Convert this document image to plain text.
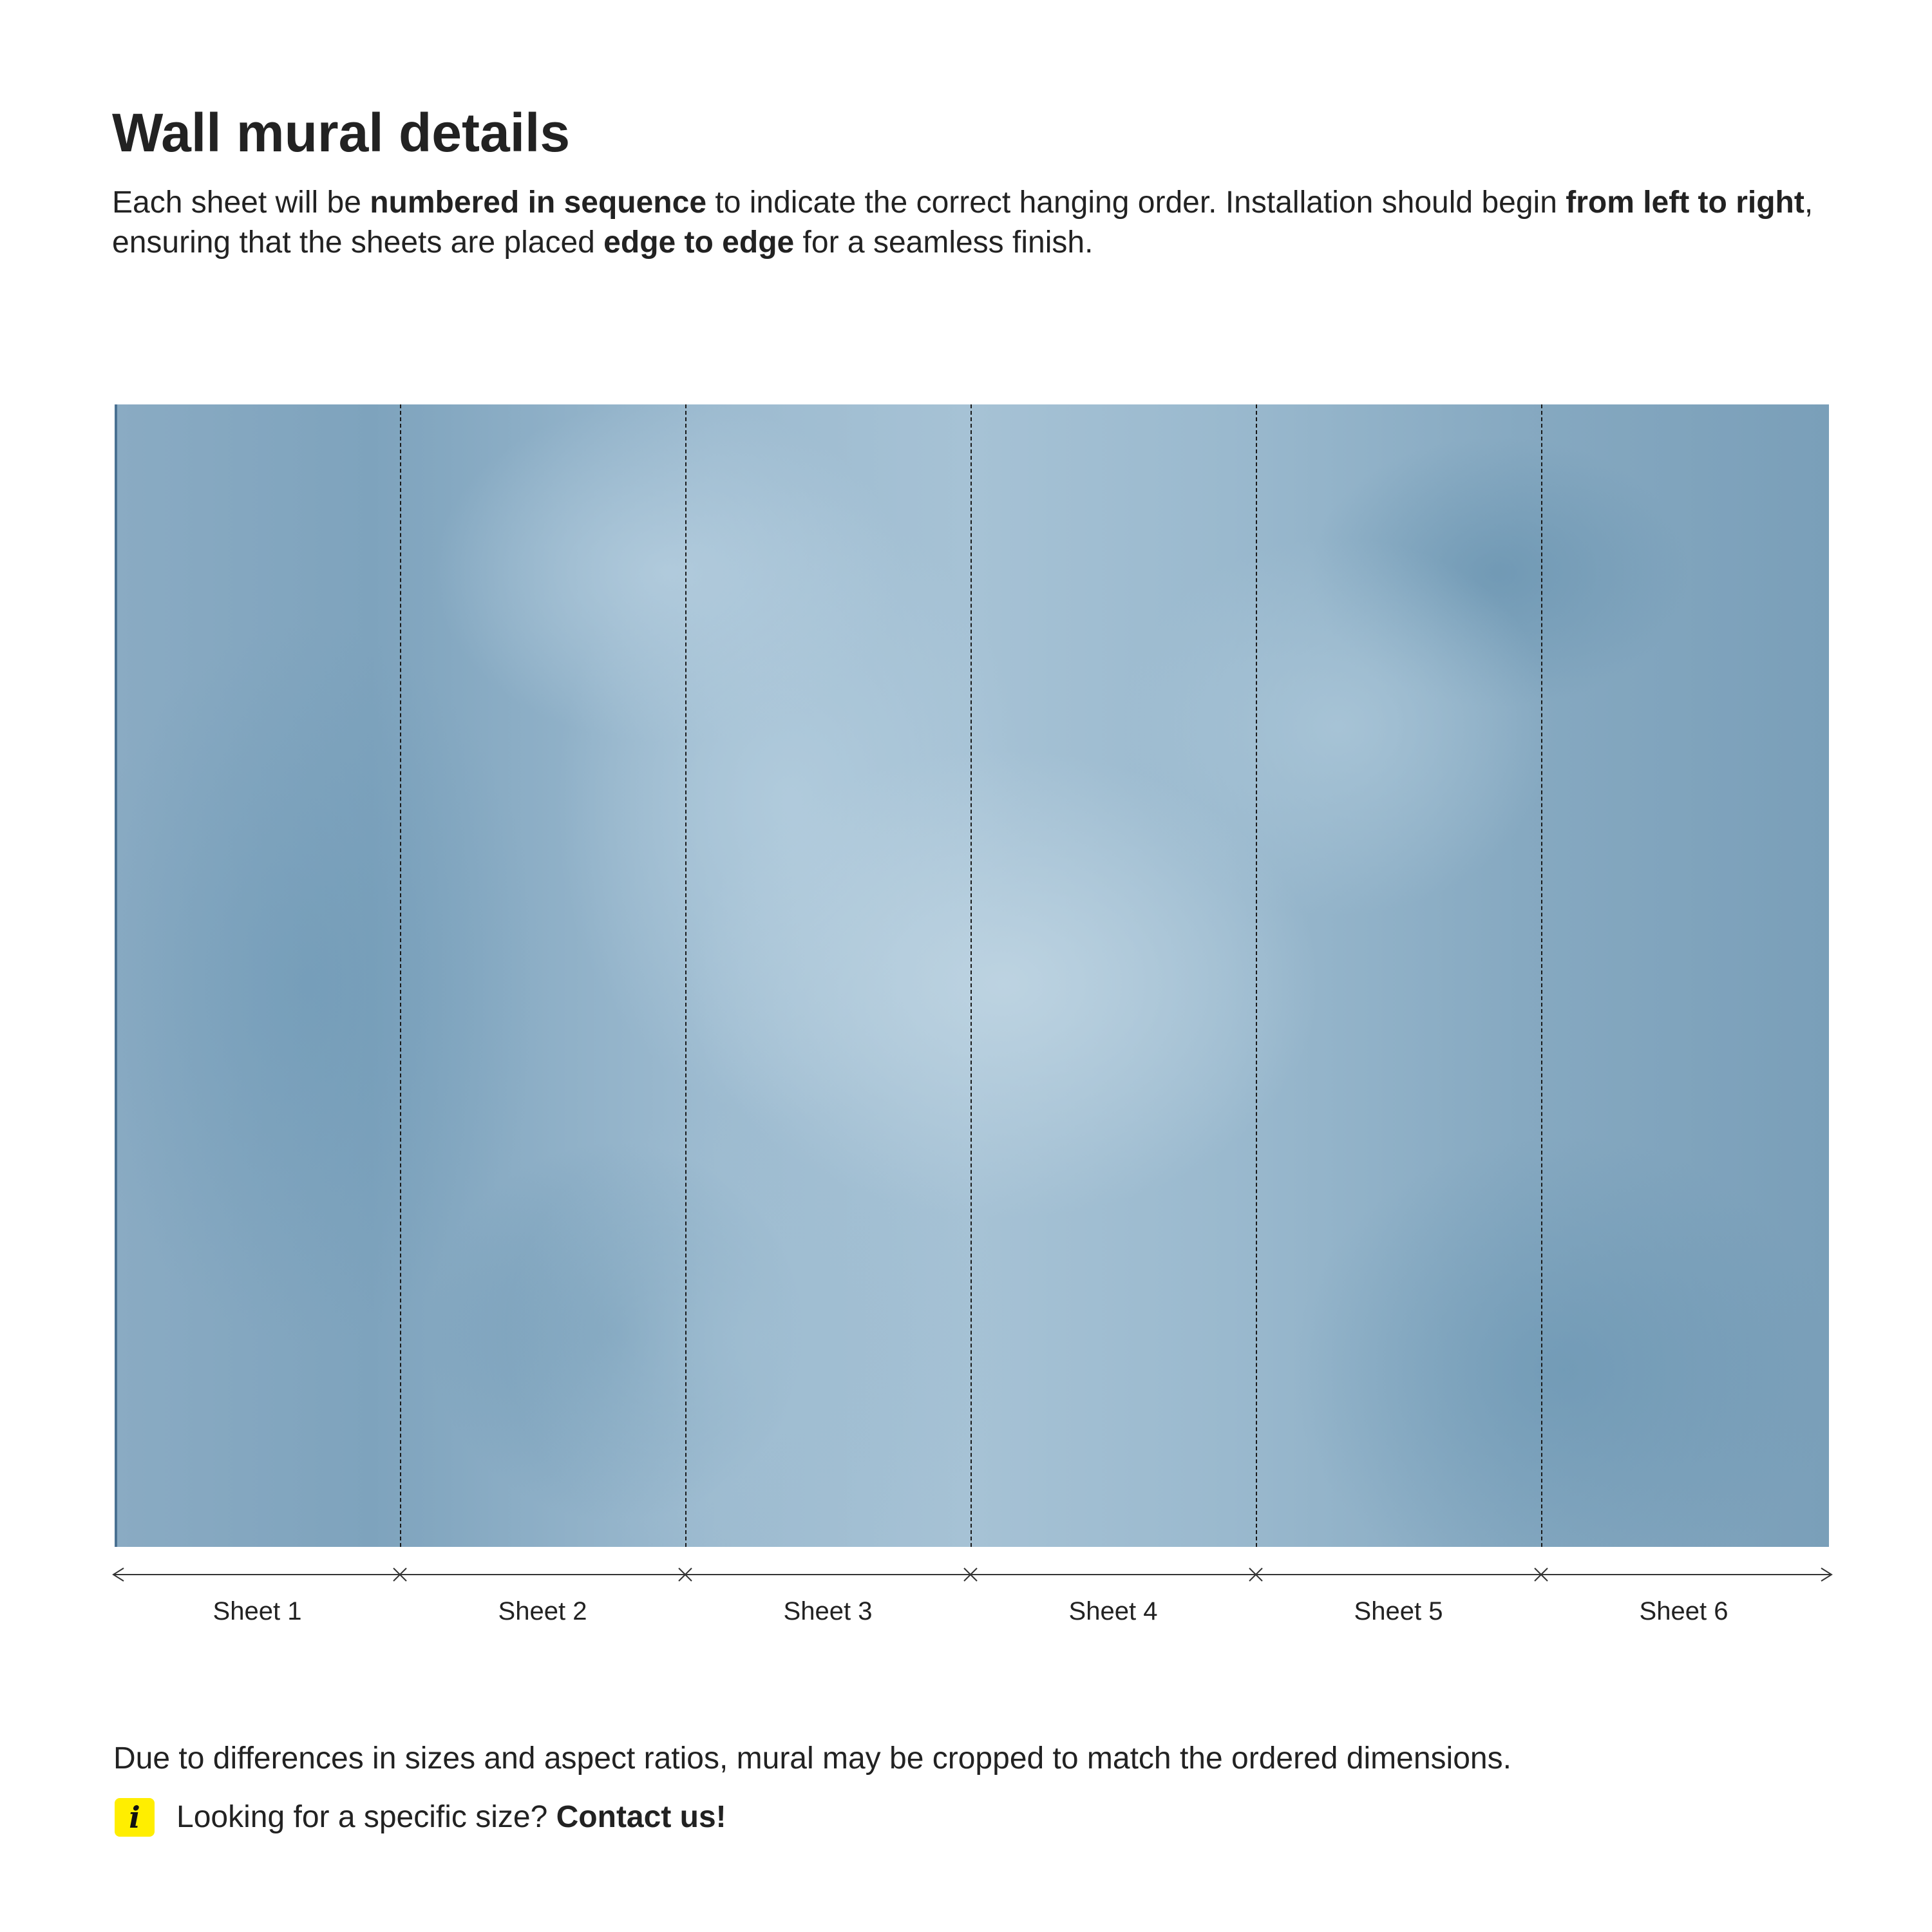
Wall mural details

Each sheet will be numbered in sequence to indicate the correct hanging order. Installation should begin from left to right, ensuring that the sheets are placed edge to edge for a seamless finish.

Sheet 1	Sheet 2	Sheet 3	Sheet 4	Sheet 5	Sheet 6

Due to differences in sizes and aspect ratios, mural may be cropped to match the ordered dimensions.

i	Looking for a specific size? Contact us!
